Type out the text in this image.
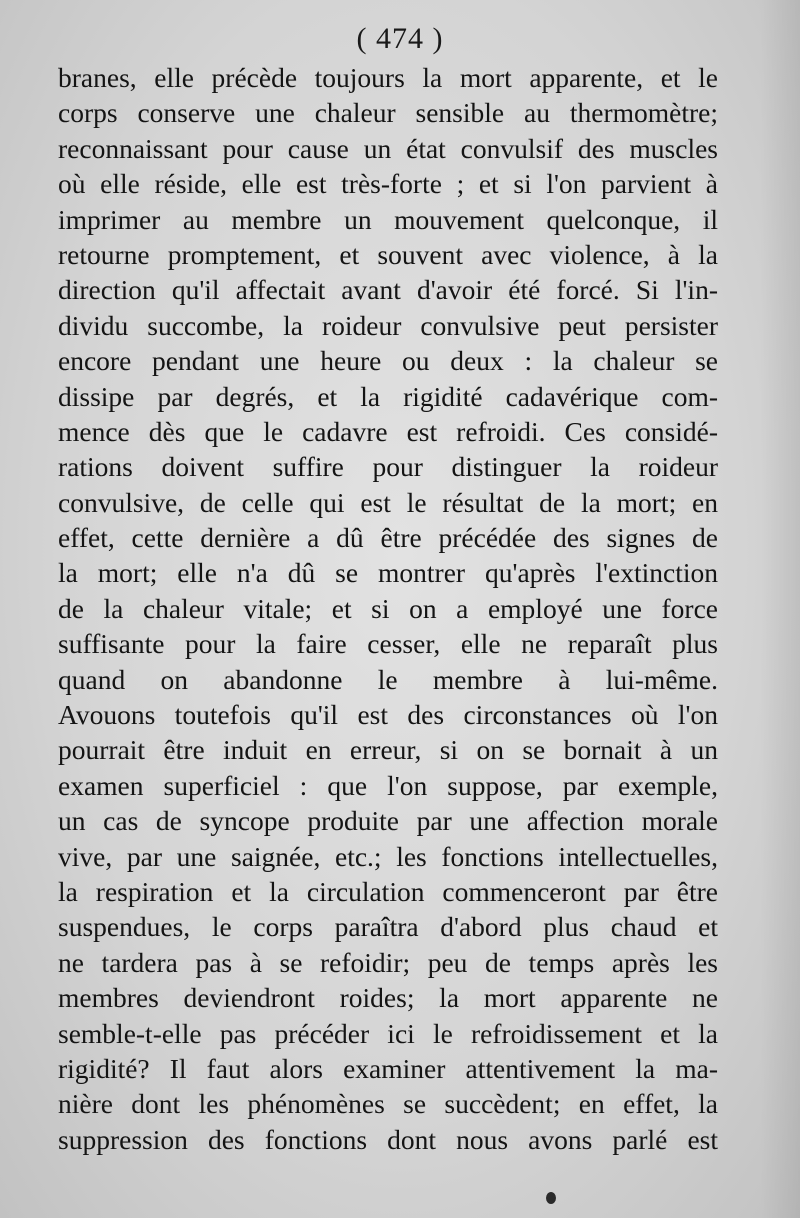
( 474 )
branes, elle précède toujours la mort apparente, et le
corps conserve une chaleur sensible au thermomètre;
reconnaissant pour cause un état convulsif des muscles
où elle réside, elle est très-forte ; et si l'on parvient à
imprimer au membre un mouvement quelconque, il
retourne promptement, et souvent avec violence, à la
direction qu'il affectait avant d'avoir été forcé. Si l'in-
dividu succombe, la roideur convulsive peut persister
encore pendant une heure ou deux : la chaleur se
dissipe par degrés, et la rigidité cadavérique com-
mence dès que le cadavre est refroidi. Ces considé-
rations doivent suffire pour distinguer la roideur
convulsive, de celle qui est le résultat de la mort; en
effet, cette dernière a dû être précédée des signes de
la mort; elle n'a dû se montrer qu'après l'extinction
de la chaleur vitale; et si on a employé une force
suffisante pour la faire cesser, elle ne reparaît plus
quand on abandonne le membre à lui-même.
Avouons toutefois qu'il est des circonstances où l'on
pourrait être induit en erreur, si on se bornait à un
examen superficiel : que l'on suppose, par exemple,
un cas de syncope produite par une affection morale
vive, par une saignée, etc.; les fonctions intellectuelles,
la respiration et la circulation commenceront par être
suspendues, le corps paraîtra d'abord plus chaud et
ne tardera pas à se refoidir; peu de temps après les
membres deviendront roides; la mort apparente ne
semble-t-elle pas précéder ici le refroidissement et la
rigidité? Il faut alors examiner attentivement la ma-
nière dont les phénomènes se succèdent; en effet, la
suppression des fonctions dont nous avons parlé est
